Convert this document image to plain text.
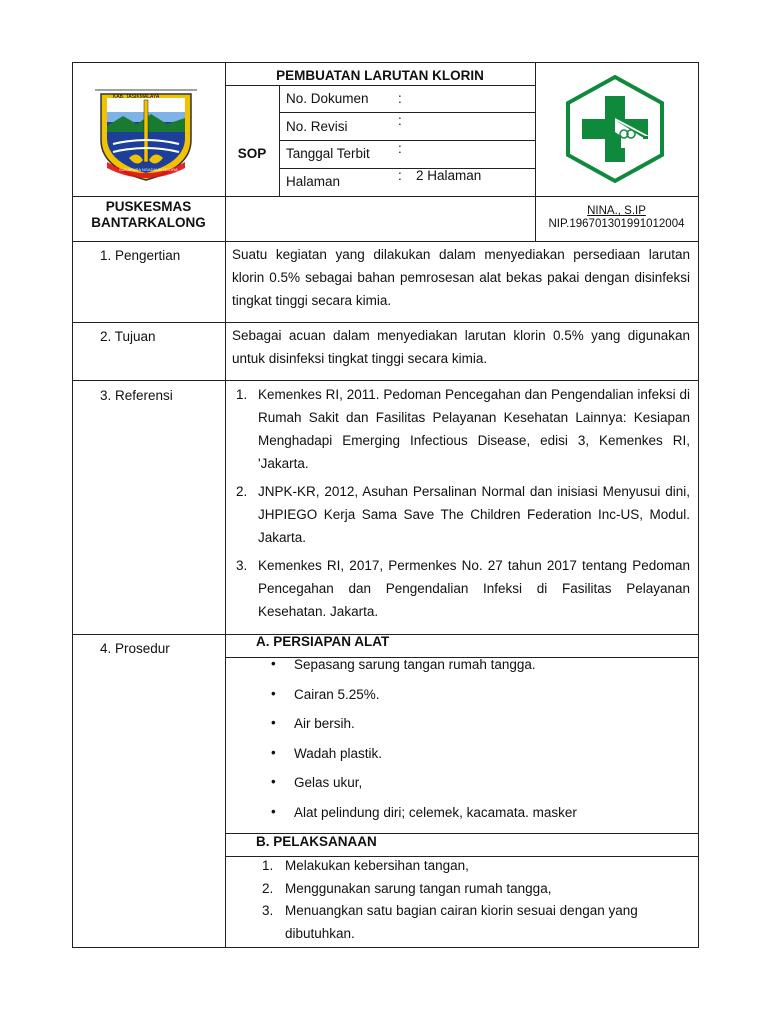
KAB. TASIKMALAYA
SUKAPURA NGADAUN NGORA
PEMBUATAN LARUTAN KLORIN
SOP
No. Dokumen :
No. Revisi	:
Tanggal Terbit :
Halaman	: 2 Halaman
PUSKESMAS
BANTARKALONG
NINA., S.IP
NIP.196701301991012004
1. Pengertian	Suatu kegiatan yang dilakukan dalam menyediakan persediaan larutan klorin 0.5% sebagai bahan pemrosesan alat bekas pakai dengan disinfeksi tingkat tinggi secara kimia.
2. Tujuan	Sebagai acuan dalam menyediakan larutan klorin 0.5% yang digunakan untuk disinfeksi tingkat tinggi secara kimia.
3. Referensi	1. Kemenkes RI, 2011. Pedoman Pencegahan dan Pengendalian infeksi di Rumah Sakit dan Fasilitas Pelayanan Kesehatan Lainnya: Kesiapan Menghadapi Emerging Infectious Disease, edisi 3, Kemenkes RI, 'Jakarta.
2. JNPK-KR, 2012, Asuhan Persalinan Normal dan inisiasi Menyusui dini, JHPIEGO Kerja Sama Save The Children Federation Inc-US, Modul. Jakarta.
3. Kemenkes RI, 2017, Permenkes No. 27 tahun 2017 tentang Pedoman Pencegahan dan Pengendalian Infeksi di Fasilitas Pelayanan Kesehatan. Jakarta.
4. Prosedur	A. PERSIAPAN ALAT
• Sepasang sarung tangan rumah tangga.
• Cairan 5.25%.
• Air bersih.
• Wadah plastik.
• Gelas ukur,
• Alat pelindung diri; celemek, kacamata. masker
B. PELAKSANAAN
1. Melakukan kebersihan tangan,
2. Menggunakan sarung tangan rumah tangga,
3. Menuangkan satu bagian cairan kiorin sesuai dengan yang
dibutuhkan.
